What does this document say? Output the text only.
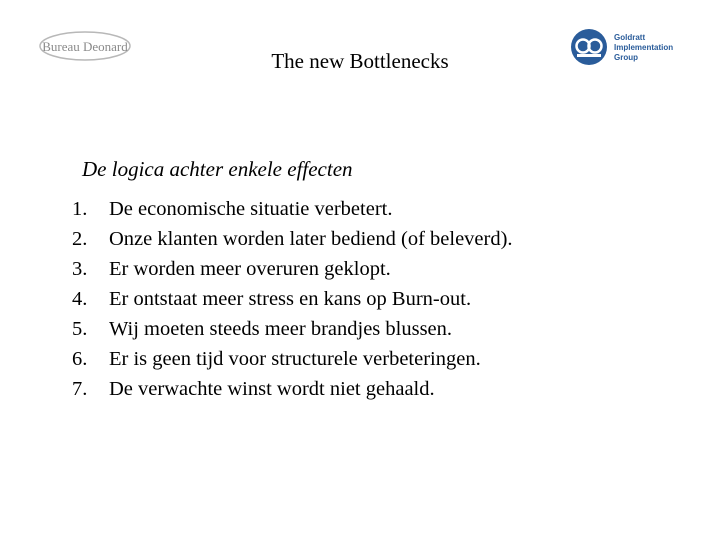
Bureau Deonard
The new Bottlenecks
Goldratt
Implementation
Group
De logica achter enkele effecten
1.	De economische situatie verbetert.
2.	Onze klanten worden later bediend (of beleverd).
3.	Er worden meer overuren geklopt.
4.	Er ontstaat meer stress en kans op Burn-out.
5.	Wij moeten steeds meer brandjes blussen.
6.	Er is geen tijd voor structurele verbeteringen.
7.	De verwachte winst wordt niet gehaald.
